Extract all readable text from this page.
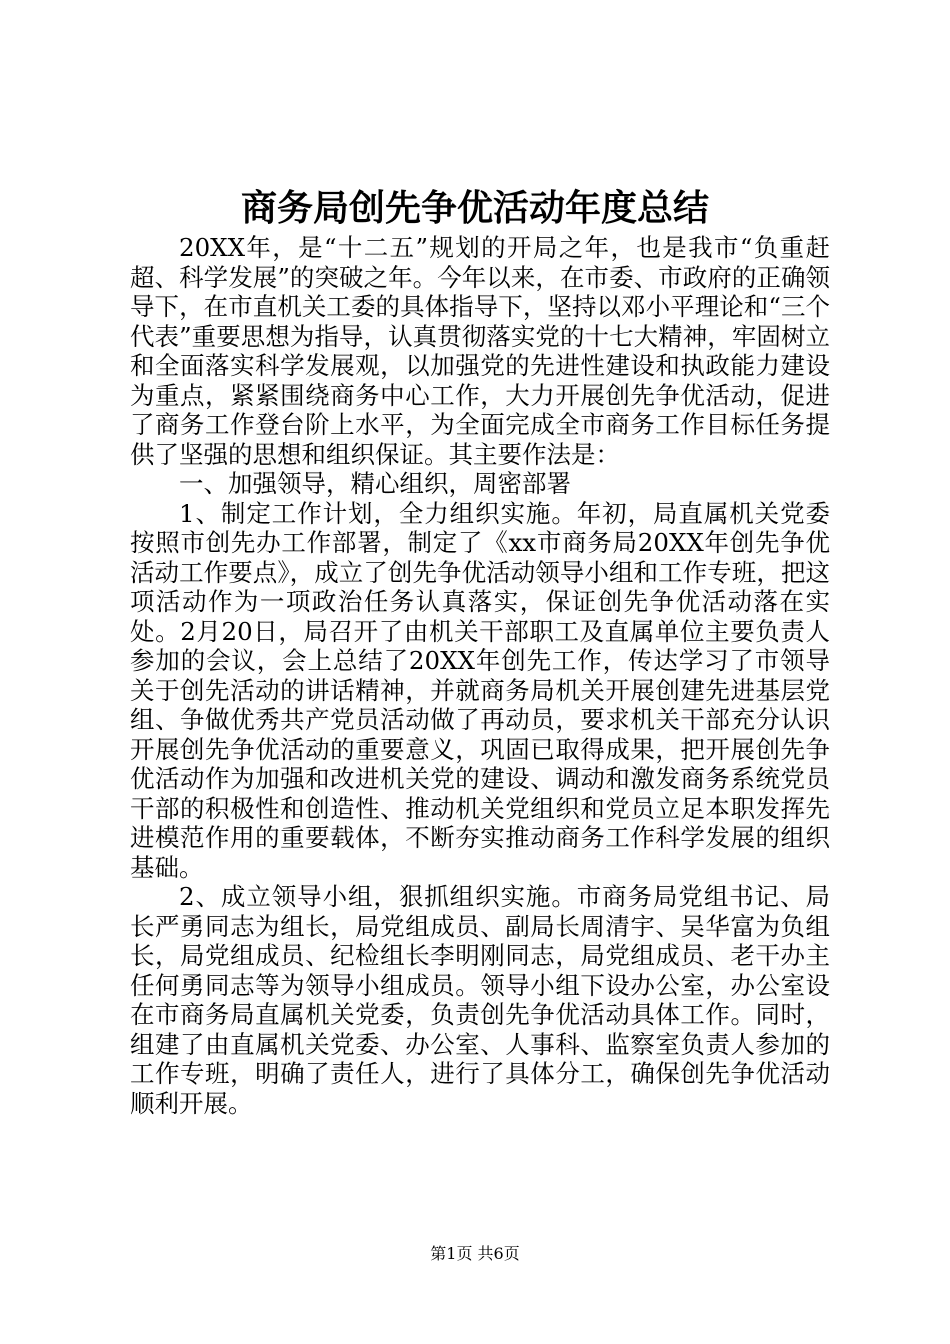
商务局创先争优活动年度总结

20XX年，是“十二五”规划的开局之年，也是我市“负重赶超、科学发展”的突破之年。今年以来，在市委、市政府的正确领导下，在市直机关工委的具体指导下，坚持以邓小平理论和“三个代表”重要思想为指导，认真贯彻落实党的十七大精神，牢固树立和全面落实科学发展观，以加强党的先进性建设和执政能力建设为重点，紧紧围绕商务中心工作，大力开展创先争优活动，促进了商务工作登台阶上水平，为全面完成全市商务工作目标任务提供了坚强的思想和组织保证。其主要作法是：

一、加强领导，精心组织，周密部署

1、制定工作计划，全力组织实施。年初，局直属机关党委按照市创先办工作部署，制定了《xx市商务局20XX年创先争优活动工作要点》，成立了创先争优活动领导小组和工作专班，把这项活动作为一项政治任务认真落实，保证创先争优活动落在实处。2月20日，局召开了由机关干部职工及直属单位主要负责人参加的会议，会上总结了20XX年创先工作，传达学习了市领导关于创先活动的讲话精神，并就商务局机关开展创建先进基层党组、争做优秀共产党员活动做了再动员，要求机关干部充分认识开展创先争优活动的重要意义，巩固已取得成果，把开展创先争优活动作为加强和改进机关党的建设、调动和激发商务系统党员干部的积极性和创造性、推动机关党组织和党员立足本职发挥先进模范作用的重要载体，不断夯实推动商务工作科学发展的组织基础。

2、成立领导小组，狠抓组织实施。市商务局党组书记、局长严勇同志为组长，局党组成员、副局长周清宇、吴华富为负组长，局党组成员、纪检组长李明刚同志，局党组成员、老干办主任何勇同志等为领导小组成员。领导小组下设办公室，办公室设在市商务局直属机关党委，负责创先争优活动具体工作。同时，组建了由直属机关党委、办公室、人事科、监察室负责人参加的工作专班，明确了责任人，进行了具体分工，确保创先争优活动顺利开展。

第1页 共6页
